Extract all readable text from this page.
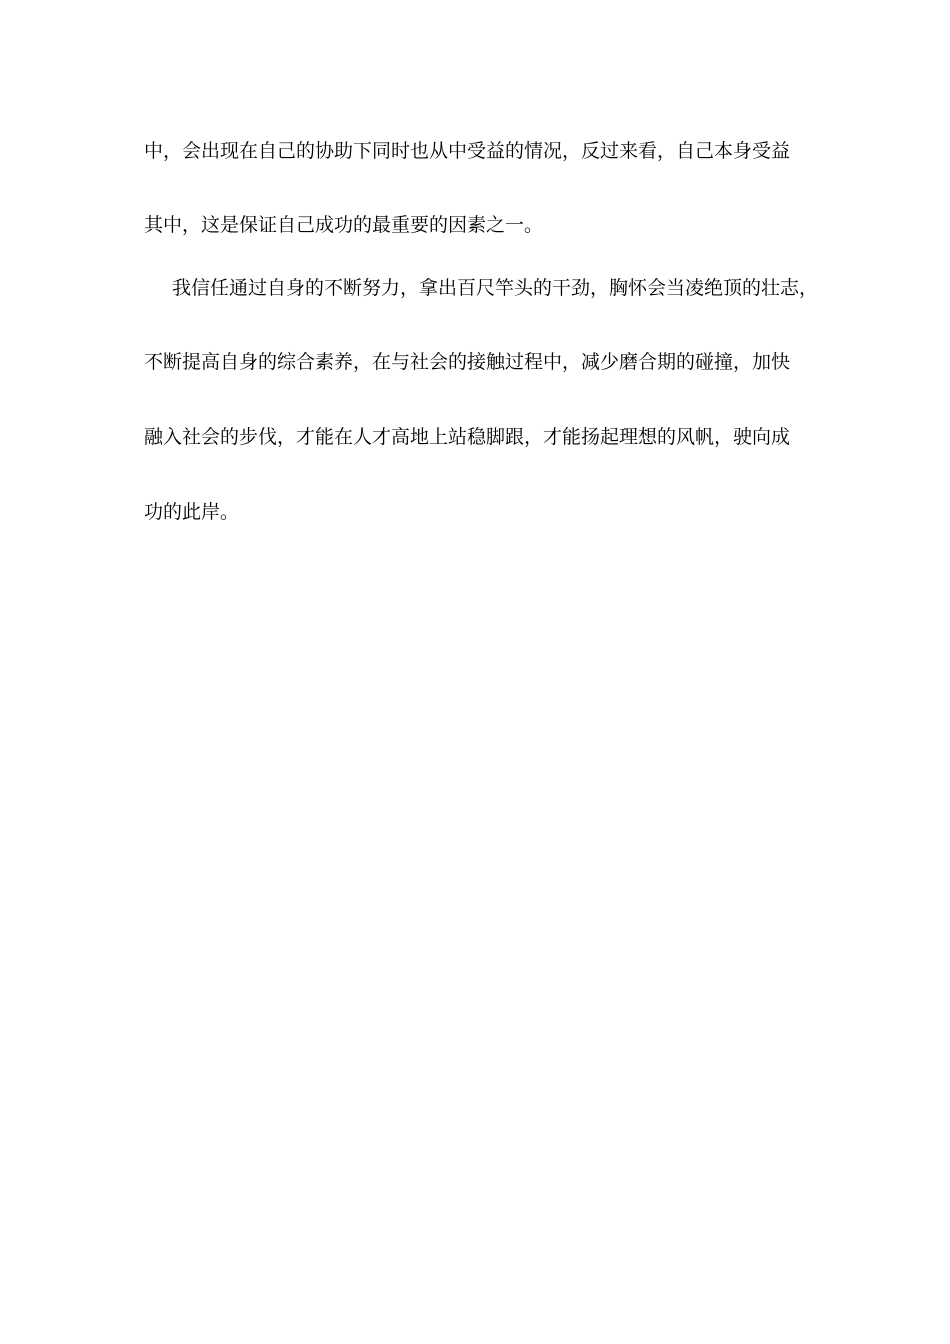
中，会出现在自己的协助下同时也从中受益的情况，反过来看，自己本身受益
其中，这是保证自己成功的最重要的因素之一。
我信任通过自身的不断努力，拿出百尺竿头的干劲，胸怀会当凌绝顶的壮志，
不断提高自身的综合素养，在与社会的接触过程中，减少磨合期的碰撞，加快
融入社会的步伐，才能在人才高地上站稳脚跟，才能扬起理想的风帆，驶向成
功的此岸。
